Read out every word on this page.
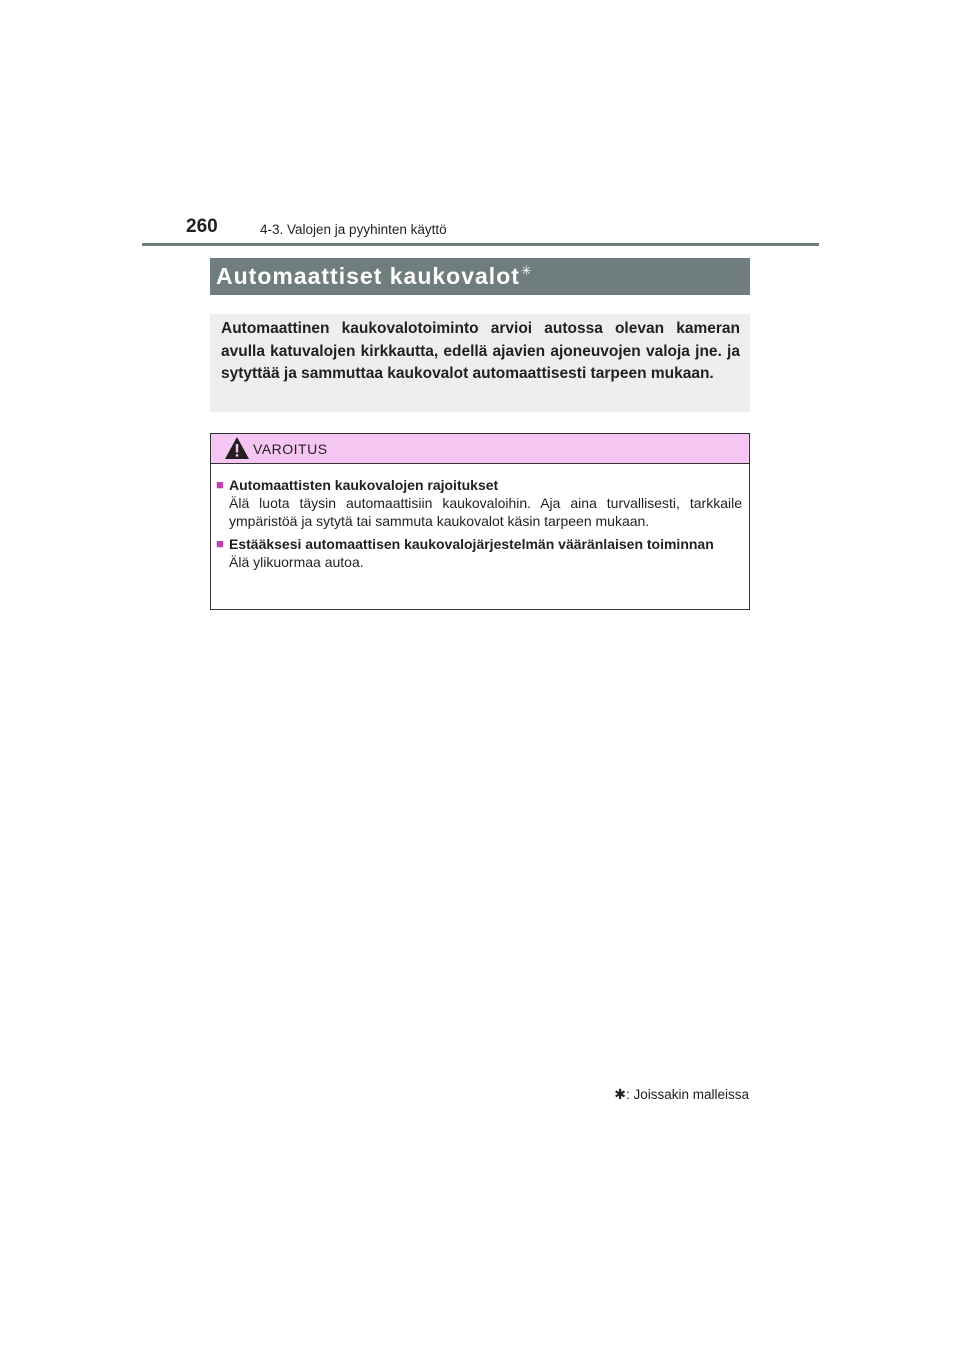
260	4-3. Valojen ja pyyhinten käyttö
Automaattiset kaukovalot✳

Automaattinen kaukovalotoiminto arvioi autossa olevan kameran avulla katuvalojen kirkkautta, edellä ajavien ajoneuvojen valoja jne. ja sytyttää ja sammuttaa kaukovalot automaattisesti tarpeen mukaan.

VAROITUS
■ Automaattisten kaukovalojen rajoitukset
Älä luota täysin automaattisiin kaukovaloihin. Aja aina turvallisesti, tarkkaile ympäristöä ja sytytä tai sammuta kaukovalot käsin tarpeen mukaan.
■ Estääksesi automaattisen kaukovalojärjestelmän vääränlaisen toiminnan
Älä ylikuormaa autoa.
✱: Joissakin malleissa
